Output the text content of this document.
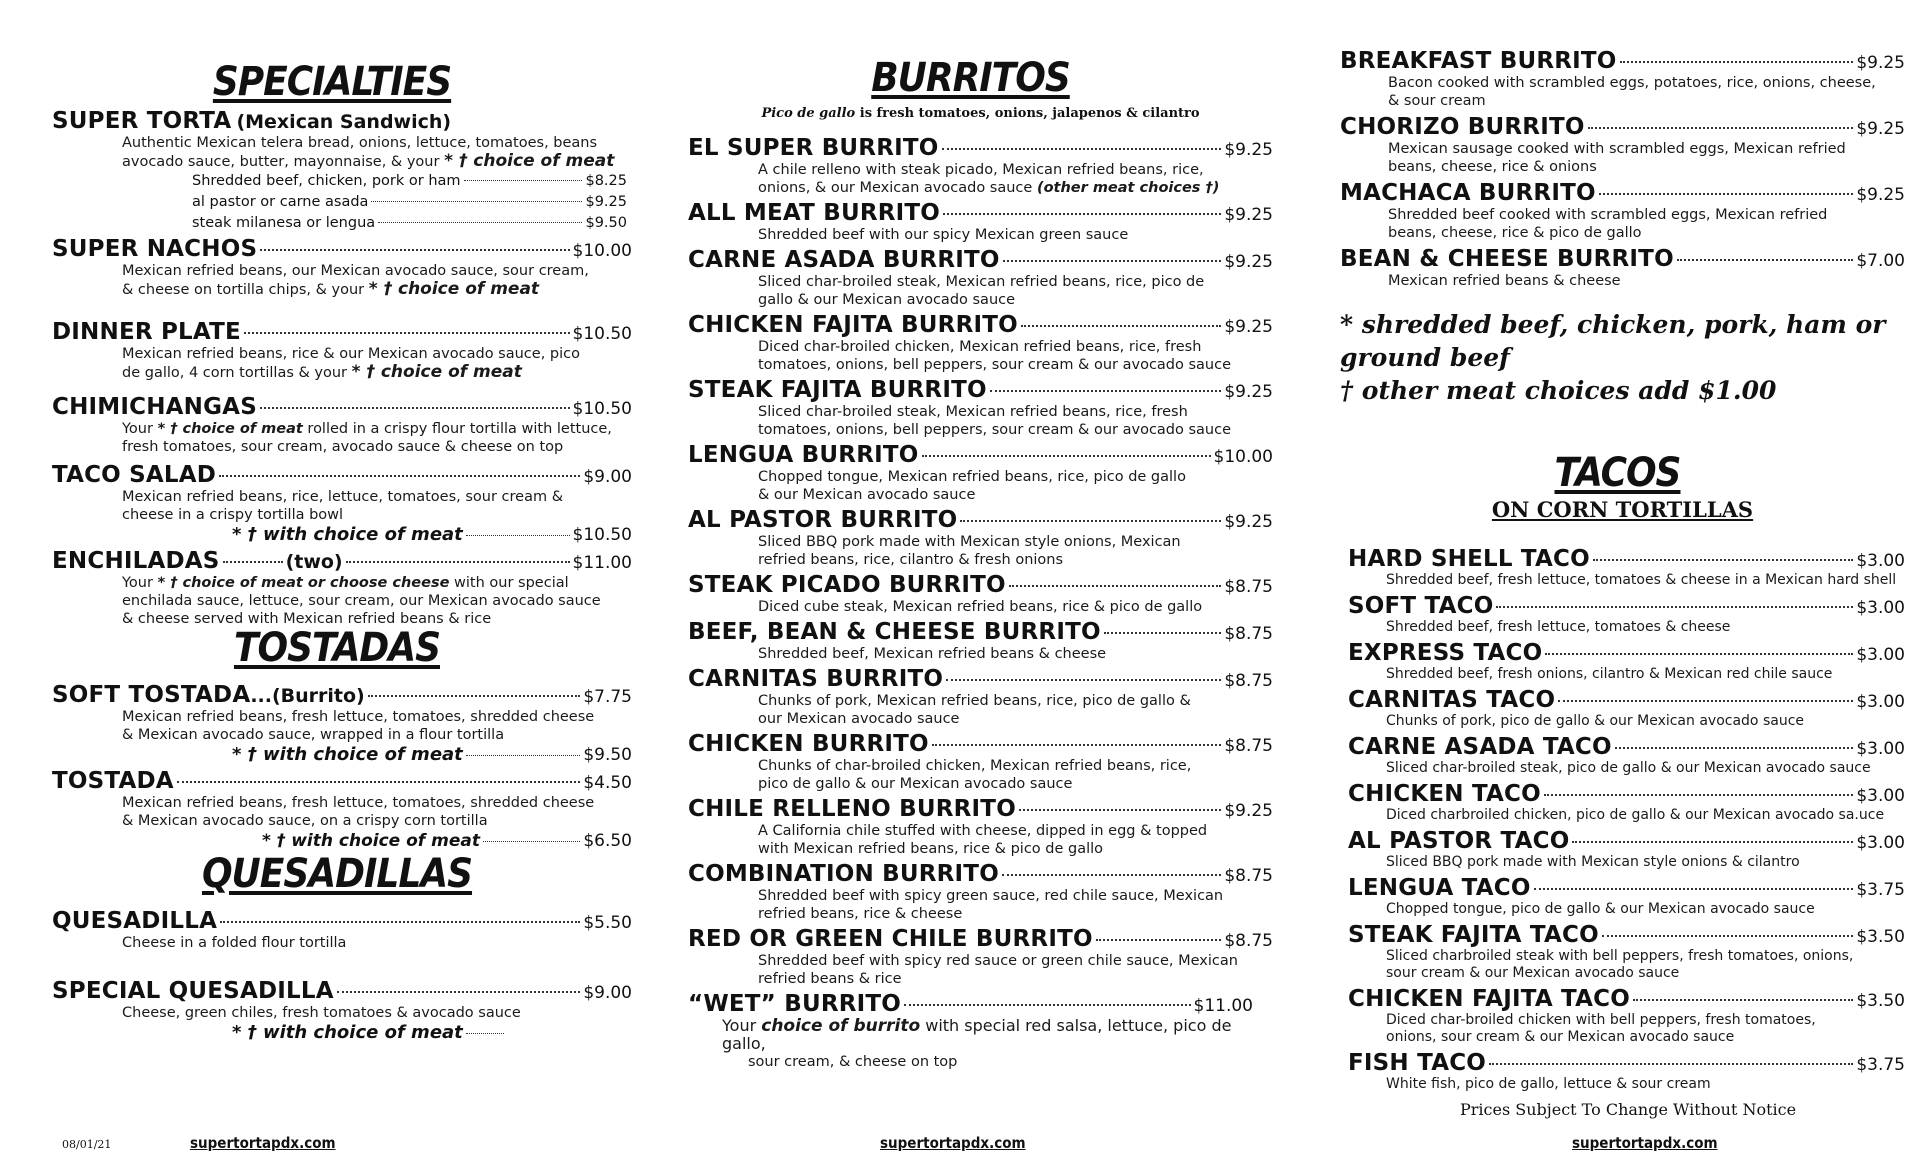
SPECIALTIES
SUPER TORTA
(Mexican Sandwich)
Authentic Mexican telera bread, onions, lettuce, tomatoes, beans
avocado sauce, butter, mayonnaise, & your * † choice of meat
Shredded beef, chicken, pork or ham	$8.25
al pastor or carne asada	$9.25
steak milanesa or lengua	$9.50
SUPER NACHOS	$10.00
Mexican refried beans, our Mexican avocado sauce, sour cream,
& cheese on tortilla chips, & your * † choice of meat
DINNER PLATE	$10.50
Mexican refried beans, rice & our Mexican avocado sauce, pico
de gallo, 4 corn tortillas & your * † choice of meat
CHIMICHANGAS	$10.50
Your * † choice of meat rolled in a crispy flour tortilla with lettuce,
fresh tomatoes, sour cream, avocado sauce & cheese on top
TACO SALAD	$9.00
Mexican refried beans, rice, lettuce, tomatoes, sour cream &
cheese in a crispy tortilla bowl
* † with choice of meat	$10.50
ENCHILADAS	(two)	$11.00
Your * † choice of meat or choose cheese with our special
enchilada sauce, lettuce, sour cream, our Mexican avocado sauce
& cheese served with Mexican refried beans & rice
TOSTADAS
SOFT TOSTADA ...(Burrito)	$7.75
Mexican refried beans, fresh lettuce, tomatoes, shredded cheese
& Mexican avocado sauce, wrapped in a flour tortilla
* † with choice of meat	$9.50
TOSTADA	$4.50
Mexican refried beans, fresh lettuce, tomatoes, shredded cheese
& Mexican avocado sauce, on a crispy corn tortilla
* † with choice of meat	$6.50
QUESADILLAS
QUESADILLA	$5.50
Cheese in a folded flour tortilla
SPECIAL QUESADILLA	$9.00
Cheese, green chiles, fresh tomatoes & avocado sauce
* † with choice of meat
BURRITOS
Pico de gallo is fresh tomatoes, onions, jalapenos & cilantro
EL SUPER BURRITO	$9.25
A chile relleno with steak picado, Mexican refried beans, rice,
onions, & our Mexican avocado sauce (other meat choices †)
ALL MEAT BURRITO	$9.25
Shredded beef with our spicy Mexican green sauce
CARNE ASADA BURRITO	$9.25
Sliced char-broiled steak, Mexican refried beans, rice, pico de
gallo & our Mexican avocado sauce
CHICKEN FAJITA BURRITO	$9.25
Diced char-broiled chicken, Mexican refried beans, rice, fresh
tomatoes, onions, bell peppers, sour cream & our avocado sauce
STEAK FAJITA BURRITO	$9.25
Sliced char-broiled steak, Mexican refried beans, rice, fresh
tomatoes, onions, bell peppers, sour cream & our avocado sauce
LENGUA BURRITO	$10.00
Chopped tongue, Mexican refried beans, rice, pico de gallo
& our Mexican avocado sauce
AL PASTOR BURRITO	$9.25
Sliced BBQ pork made with Mexican style onions, Mexican
refried beans, rice, cilantro & fresh onions
STEAK PICADO BURRITO	$8.75
Diced cube steak, Mexican refried beans, rice & pico de gallo
BEEF, BEAN & CHEESE BURRITO	$8.75
Shredded beef, Mexican refried beans & cheese
CARNITAS BURRITO	$8.75
Chunks of pork, Mexican refried beans, rice, pico de gallo &
our Mexican avocado sauce
CHICKEN BURRITO	$8.75
Chunks of char-broiled chicken, Mexican refried beans, rice,
pico de gallo & our Mexican avocado sauce
CHILE RELLENO BURRITO	$9.25
A California chile stuffed with cheese, dipped in egg & topped
with Mexican refried beans, rice & pico de gallo
COMBINATION BURRITO	$8.75
Shredded beef with spicy green sauce, red chile sauce, Mexican
refried beans, rice & cheese
RED OR GREEN CHILE BURRITO	$8.75
Shredded beef with spicy red sauce or green chile sauce, Mexican
refried beans & rice
“WET” BURRITO	$11.00
Your choice of burrito with special red salsa, lettuce, pico de gallo,
sour cream, & cheese on top
BREAKFAST BURRITO	$9.25
Bacon cooked with scrambled eggs, potatoes, rice, onions, cheese,
& sour cream
CHORIZO BURRITO	$9.25
Mexican sausage cooked with scrambled eggs, Mexican refried
beans, cheese, rice & onions
MACHACA BURRITO	$9.25
Shredded beef cooked with scrambled eggs, Mexican refried
beans, cheese, rice & pico de gallo
BEAN & CHEESE BURRITO	$7.00
Mexican refried beans & cheese
* shredded beef, chicken, pork, ham or ground beef
† other meat choices add $1.00
TACOS
ON CORN TORTILLAS
HARD SHELL TACO	$3.00
Shredded beef, fresh lettuce, tomatoes & cheese in a Mexican hard shell
SOFT TACO	$3.00
Shredded beef, fresh lettuce, tomatoes & cheese
EXPRESS TACO	$3.00
Shredded beef, fresh onions, cilantro & Mexican red chile sauce
CARNITAS TACO	$3.00
Chunks of pork, pico de gallo & our Mexican avocado sauce
CARNE ASADA TACO	$3.00
Sliced char-broiled steak, pico de gallo & our Mexican avocado sauce
CHICKEN TACO	$3.00
Diced charbroiled chicken, pico de gallo & our Mexican avocado sa.uce
AL PASTOR TACO	$3.00
Sliced BBQ pork made with Mexican style onions & cilantro
LENGUA TACO	$3.75
Chopped tongue, pico de gallo & our Mexican avocado sauce
STEAK FAJITA TACO	$3.50
Sliced charbroiled steak with bell peppers, fresh tomatoes, onions,
sour cream & our Mexican avocado sauce
CHICKEN FAJITA TACO	$3.50
Diced char-broiled chicken with bell peppers, fresh tomatoes,
onions, sour cream & our Mexican avocado sauce
FISH TACO	$3.75
White fish, pico de gallo, lettuce & sour cream
08/01/21	supertortapdx.com	supertortapdx.com	supertortapdx.com
Prices Subject To Change Without Notice
